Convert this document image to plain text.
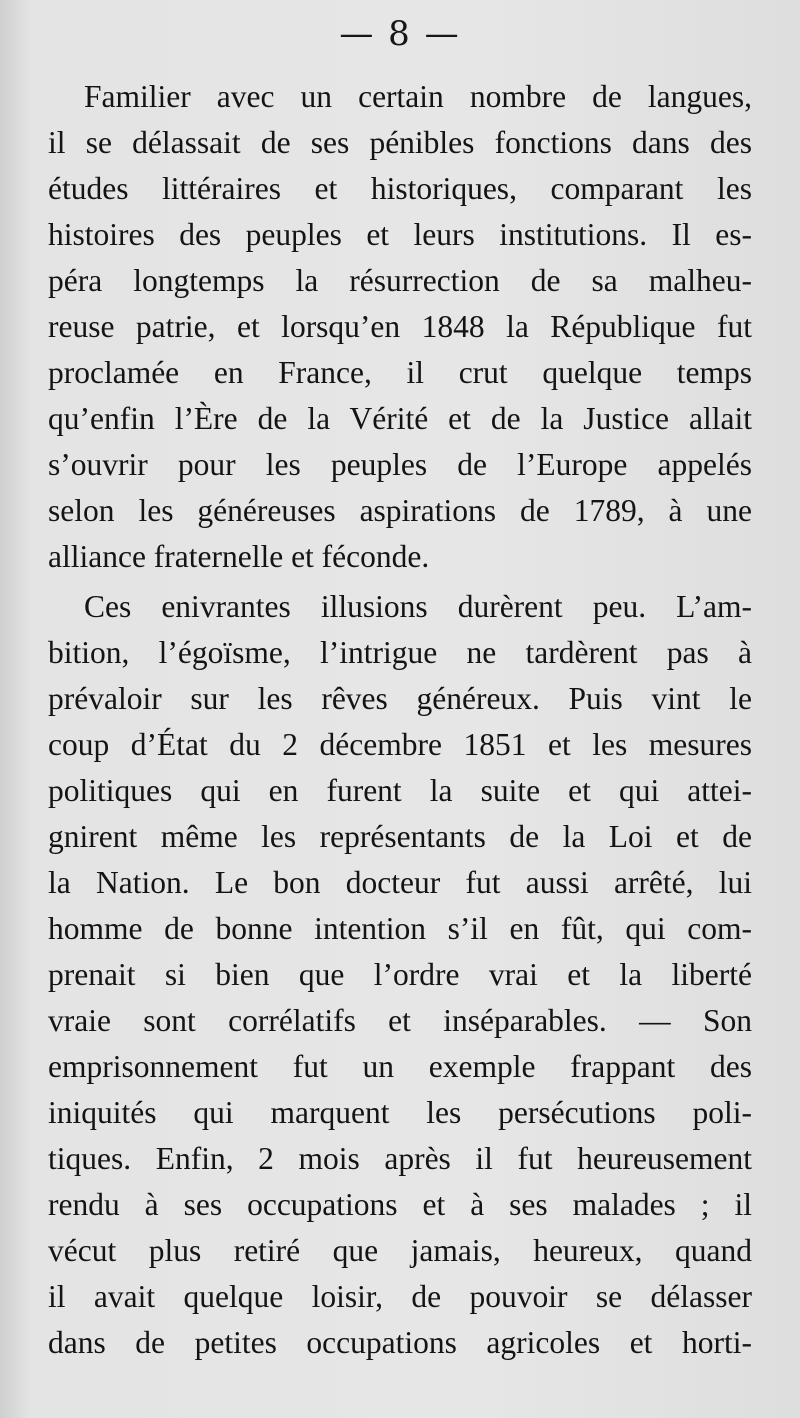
— 8 —
Familier avec un certain nombre de langues,
il se délassait de ses pénibles fonctions dans des
études littéraires et historiques, comparant les
histoires des peuples et leurs institutions. Il es-
péra longtemps la résurrection de sa malheu-
reuse patrie, et lorsqu’en 1848 la République fut
proclamée en France, il crut quelque temps
qu’enfin l’Ère de la Vérité et de la Justice allait
s’ouvrir pour les peuples de l’Europe appelés
selon les généreuses aspirations de 1789, à une
alliance fraternelle et féconde.
Ces enivrantes illusions durèrent peu. L’am-
bition, l’égoïsme, l’intrigue ne tardèrent pas à
prévaloir sur les rêves généreux. Puis vint le
coup d’État du 2 décembre 1851 et les mesures
politiques qui en furent la suite et qui attei-
gnirent même les représentants de la Loi et de
la Nation. Le bon docteur fut aussi arrêté, lui
homme de bonne intention s’il en fût, qui com-
prenait si bien que l’ordre vrai et la liberté
vraie sont corrélatifs et inséparables. — Son
emprisonnement fut un exemple frappant des
iniquités qui marquent les persécutions poli-
tiques. Enfin, 2 mois après il fut heureusement
rendu à ses occupations et à ses malades ; il
vécut plus retiré que jamais, heureux, quand
il avait quelque loisir, de pouvoir se délasser
dans de petites occupations agricoles et horti-
